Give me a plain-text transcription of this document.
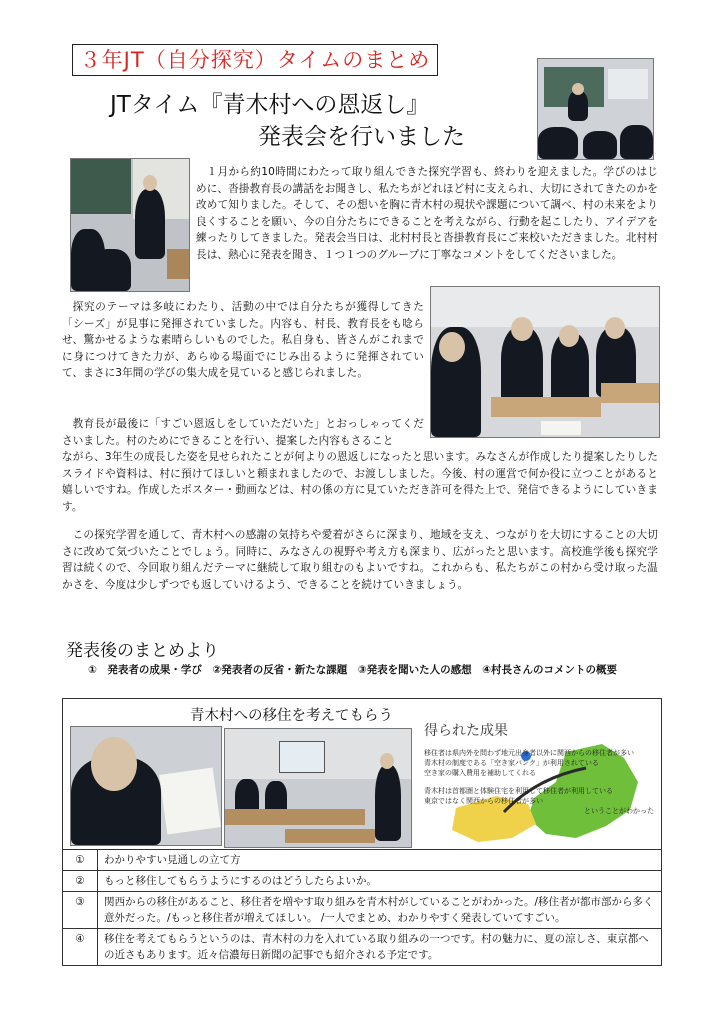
３年JT（自分探究）タイムのまとめ
JTタイム『青木村への恩返し』
発表会を行いました

１月から約10時間にわたって取り組んできた探究学習も、終わりを迎えました。学びのはじめに、沓掛教育長の講話をお聞きし、私たちがどれほど村に支えられ、大切にされてきたのかを改めて知りました。そして、その想いを胸に青木村の現状や課題について調べ、村の未来をより良くすることを願い、今の自分たちにできることを考えながら、行動を起こしたり、アイデアを練ったりしてきました。発表会当日は、北村村長と沓掛教育長にご来校いただきました。北村村長は、熱心に発表を聞き、１つ１つのグループに丁寧なコメントをしてくださいました。

探究のテーマは多岐にわたり、活動の中では自分たちが獲得してきた「シーズ」が見事に発揮されていました。内容も、村長、教育長をも唸らせ、驚かせるような素晴らしいものでした。私自身も、皆さんがこれまでに身につけてきた力が、あらゆる場面でにじみ出るように発揮されていて、まさに3年間の学びの集大成を見ていると感じられました。

教育長が最後に「すごい恩返しをしていただいた」とおっしゃってくださいました。村のためにできることを行い、提案した内容もさること

ながら、3年生の成長した姿を見せられたことが何よりの恩返しになったと思います。みなさんが作成したり提案したりしたスライドや資料は、村に預けてほしいと頼まれましたので、お渡ししました。今後、村の運営で何か役に立つことがあると嬉しいですね。作成したポスター・動画などは、村の係の方に見ていただき許可を得た上で、発信できるようにしていきます。

この探究学習を通して、青木村への感謝の気持ちや愛着がさらに深まり、地域を支え、つながりを大切にすることの大切さに改めて気づいたことでしょう。同時に、みなさんの視野や考え方も深まり、広がったと思います。高校進学後も探究学習は続くので、今回取り組んだテーマに継続して取り組むのもよいですね。これからも、私たちがこの村から受け取った温かさを、今度は少しずつでも返していけるよう、できることを続けていきましょう。

発表後のまとめより
①　発表者の成果・学び　②発表者の反省・新たな課題　③発表を聞いた人の感想　④村長さんのコメントの概要
青木村への移住を考えてもらう
得られた成果
移住者は県内外を問わず地元出身者以外に関西からの移住者が多い
青木村の制度である「空き家バンク」が利用されている
空き家の購入費用を補助してくれる
青木村は首都圏と体験住宅を利用して移住者が利用している
東京ではなく関西からの移住者が多い
ということがわかった
①	わかりやすい見通しの立て方
②	もっと移住してもらうようにするのはどうしたらよいか。
③	関西からの移住があること、移住者を増やす取り組みを青木村がしていることがわかった。/移住者が都市部から多く意外だった。/もっと移住者が増えてほしい。 /一人でまとめ、わかりやすく発表していてすごい。
④	移住を考えてもらうというのは、青木村の力を入れている取り組みの一つです。村の魅力に、夏の涼しさ、東京都への近さもあります。近々信濃毎日新聞の記事でも紹介される予定です。
